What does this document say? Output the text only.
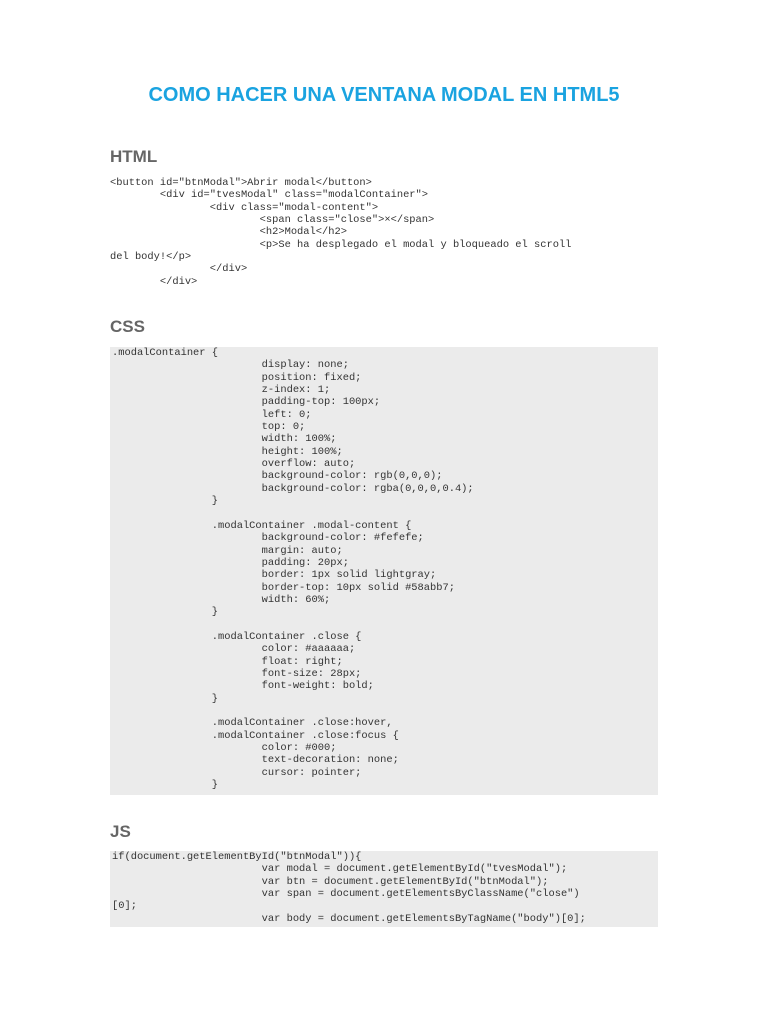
COMO HACER UNA VENTANA MODAL EN HTML5
HTML
<button id="btnModal">Abrir modal</button>
<div id="tvesModal" class="modalContainer">
<div class="modal-content">
<span class="close">×</span>
<h2>Modal</h2>
<p>Se ha desplegado el modal y bloqueado el scroll
del body!</p>
</div>
</div>
CSS
.modalContainer {
display: none;
position: fixed;
z-index: 1;
padding-top: 100px;
left: 0;
top: 0;
width: 100%;
height: 100%;
overflow: auto;
background-color: rgb(0,0,0);
background-color: rgba(0,0,0,0.4);
}
.modalContainer .modal-content {
background-color: #fefefe;
margin: auto;
padding: 20px;
border: 1px solid lightgray;
border-top: 10px solid #58abb7;
width: 60%;
}
.modalContainer .close {
color: #aaaaaa;
float: right;
font-size: 28px;
font-weight: bold;
}
.modalContainer .close:hover,
.modalContainer .close:focus {
color: #000;
text-decoration: none;
cursor: pointer;
}
JS
if(document.getElementById("btnModal")){
var modal = document.getElementById("tvesModal");
var btn = document.getElementById("btnModal");
var span = document.getElementsByClassName("close")
[0];
var body = document.getElementsByTagName("body")[0];
